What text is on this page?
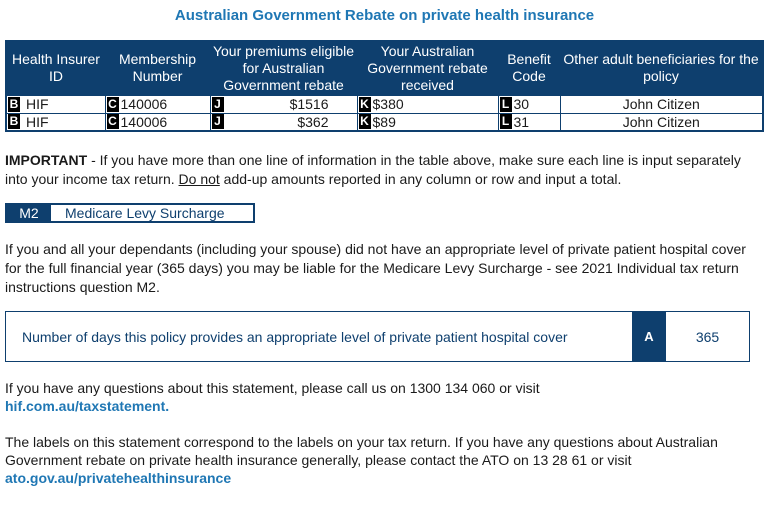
Australian Government Rebate on private health insurance
Health Insurer ID	Membership Number	Your premiums eligible for Australian Government rebate	Your Australian Government rebate received	Benefit Code	Other adult beneficiaries for the policy

B HIF	C 140006	J $1516	K $380	L 30	John Citizen

B HIF	C 140006	J $362	K $89	L 31	John Citizen

IMPORTANT - If you have more than one line of information in the table above, make sure each line is input separately into your income tax return. Do not add-up amounts reported in any column or row and input a total.

M2	Medicare Levy Surcharge

If you and all your dependants (including your spouse) did not have an appropriate level of private patient hospital cover for the full financial year (365 days) you may be liable for the Medicare Levy Surcharge - see 2021 Individual tax return instructions question M2.

Number of days this policy provides an appropriate level of private patient hospital cover	A	365

If you have any questions about this statement, please call us on 1300 134 060 or visit
hif.com.au/taxstatement.

The labels on this statement correspond to the labels on your tax return. If you have any questions about Australian Government rebate on private health insurance generally, please contact the ATO on 13 28 61 or visit ato.gov.au/privatehealthinsurance
